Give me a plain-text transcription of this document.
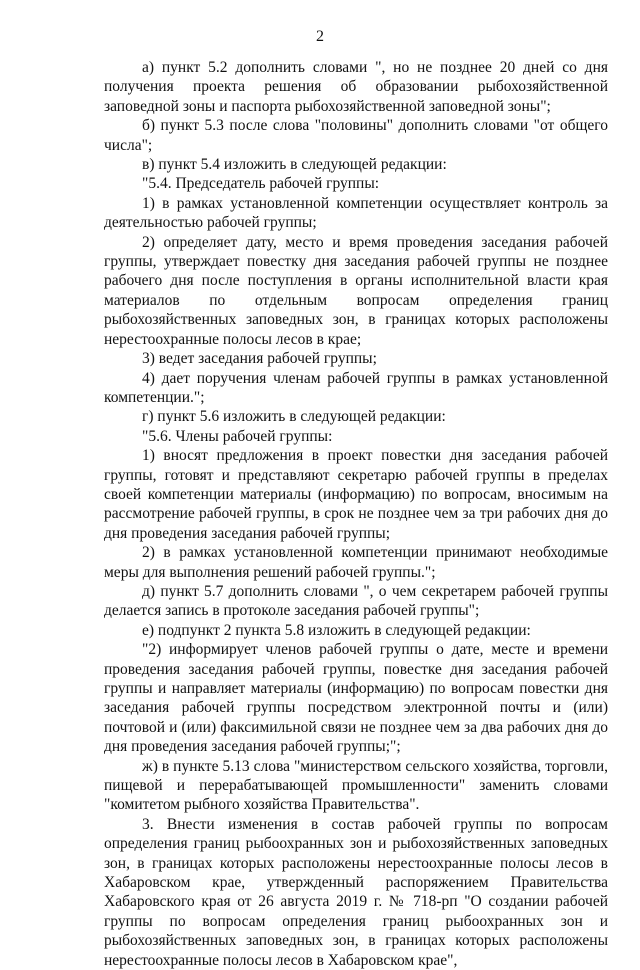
2

а) пункт 5.2 дополнить словами ", но не позднее 20 дней со дня получения проекта решения об образовании рыбохозяйственной заповедной зоны и паспорта рыбохозяйственной заповедной зоны";

б) пункт 5.3 после слова "половины" дополнить словами "от общего числа";

в) пункт 5.4 изложить в следующей редакции:

"5.4. Председатель рабочей группы:

1) в рамках установленной компетенции осуществляет контроль за деятельностью рабочей группы;

2) определяет дату, место и время проведения заседания рабочей группы, утверждает повестку дня заседания рабочей группы не позднее рабочего дня после поступления в органы исполнительной власти края материалов по отдельным вопросам определения границ рыбохозяйственных заповедных зон, в границах которых расположены нерестоохранные полосы лесов в крае;

3) ведет заседания рабочей группы;

4) дает поручения членам рабочей группы в рамках установленной компетенции.";

г) пункт 5.6 изложить в следующей редакции:

"5.6. Члены рабочей группы:

1) вносят предложения в проект повестки дня заседания рабочей группы, готовят и представляют секретарю рабочей группы в пределах своей компетенции материалы (информацию) по вопросам, вносимым на рассмотрение рабочей группы, в срок не позднее чем за три рабочих дня до дня проведения заседания рабочей группы;

2) в рамках установленной компетенции принимают необходимые меры для выполнения решений рабочей группы.";

д) пункт 5.7 дополнить словами ", о чем секретарем рабочей группы делается запись в протоколе заседания рабочей группы";

е) подпункт 2 пункта 5.8 изложить в следующей редакции:

"2) информирует членов рабочей группы о дате, месте и времени проведения заседания рабочей группы, повестке дня заседания рабочей группы и направляет материалы (информацию) по вопросам повестки дня заседания рабочей группы посредством электронной почты и (или) почтовой и (или) факсимильной связи не позднее чем за два рабочих дня до дня проведения заседания рабочей группы;";

ж) в пункте 5.13 слова "министерством сельского хозяйства, торговли, пищевой и перерабатывающей промышленности" заменить словами "комитетом рыбного хозяйства Правительства".

3. Внести изменения в состав рабочей группы по вопросам определения границ рыбоохранных зон и рыбохозяйственных заповедных зон, в границах которых расположены нерестоохранные полосы лесов в Хабаровском крае, утвержденный распоряжением Правительства Хабаровского края от 26 августа 2019 г. № 718-рп "О создании рабочей группы по вопросам определения границ рыбоохранных зон и рыбохозяйственных заповедных зон, в границах которых расположены нерестоохранные полосы лесов в Хабаровском крае",
